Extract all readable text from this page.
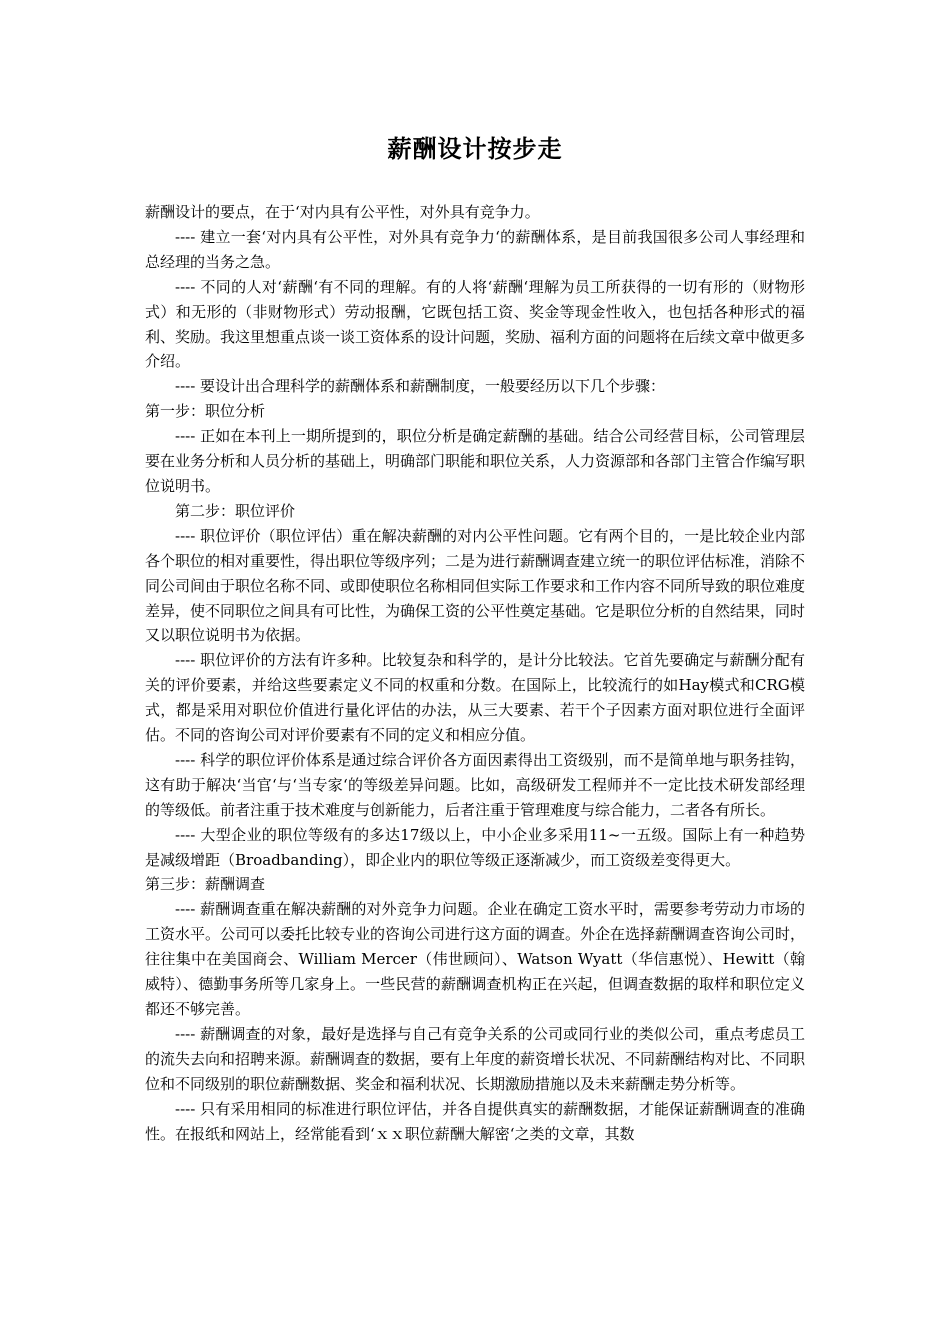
薪酬设计按步走

薪酬设计的要点，在于‘对内具有公平性，对外具有竞争力。

---- 建立一套‘对内具有公平性，对外具有竞争力‘的薪酬体系，是目前我国很多公司人事经理和总经理的当务之急。

---- 不同的人对‘薪酬‘有不同的理解。有的人将‘薪酬‘理解为员工所获得的一切有形的（财物形式）和无形的（非财物形式）劳动报酬，它既包括工资、奖金等现金性收入，也包括各种形式的福利、奖励。我这里想重点谈一谈工资体系的设计问题，奖励、福利方面的问题将在后续文章中做更多介绍。

---- 要设计出合理科学的薪酬体系和薪酬制度，一般要经历以下几个步骤：

第一步：职位分析

---- 正如在本刊上一期所提到的，职位分析是确定薪酬的基础。结合公司经营目标，公司管理层要在业务分析和人员分析的基础上，明确部门职能和职位关系，人力资源部和各部门主管合作编写职位说明书。

第二步：职位评价

---- 职位评价（职位评估）重在解决薪酬的对内公平性问题。它有两个目的，一是比较企业内部各个职位的相对重要性，得出职位等级序列；二是为进行薪酬调查建立统一的职位评估标准，消除不同公司间由于职位名称不同、或即使职位名称相同但实际工作要求和工作内容不同所导致的职位难度差异，使不同职位之间具有可比性，为确保工资的公平性奠定基础。它是职位分析的自然结果，同时又以职位说明书为依据。

---- 职位评价的方法有许多种。比较复杂和科学的，是计分比较法。它首先要确定与薪酬分配有关的评价要素，并给这些要素定义不同的权重和分数。在国际上，比较流行的如Hay模式和CRG模式，都是采用对职位价值进行量化评估的办法，从三大要素、若干个子因素方面对职位进行全面评估。不同的咨询公司对评价要素有不同的定义和相应分值。

---- 科学的职位评价体系是通过综合评价各方面因素得出工资级别，而不是简单地与职务挂钩，这有助于解决‘当官‘与‘当专家‘的等级差异问题。比如，高级研发工程师并不一定比技术研发部经理的等级低。前者注重于技术难度与创新能力，后者注重于管理难度与综合能力，二者各有所长。

---- 大型企业的职位等级有的多达17级以上，中小企业多采用11~一五级。国际上有一种趋势是减级增距（Broadbanding），即企业内的职位等级正逐渐减少，而工资级差变得更大。

第三步：薪酬调查

---- 薪酬调查重在解决薪酬的对外竞争力问题。企业在确定工资水平时，需要参考劳动力市场的工资水平。公司可以委托比较专业的咨询公司进行这方面的调查。外企在选择薪酬调查咨询公司时，往往集中在美国商会、William Mercer（伟世顾问）、Watson Wyatt（华信惠悦）、Hewitt（翰威特）、德勤事务所等几家身上。一些民营的薪酬调查机构正在兴起，但调查数据的取样和职位定义都还不够完善。

---- 薪酬调查的对象，最好是选择与自己有竞争关系的公司或同行业的类似公司，重点考虑员工的流失去向和招聘来源。薪酬调查的数据，要有上年度的薪资增长状况、不同薪酬结构对比、不同职位和不同级别的职位薪酬数据、奖金和福利状况、长期激励措施以及未来薪酬走势分析等。

---- 只有采用相同的标准进行职位评估，并各自提供真实的薪酬数据，才能保证薪酬调查的准确性。在报纸和网站上，经常能看到‘ｘｘ职位薪酬大解密‘之类的文章，其数
